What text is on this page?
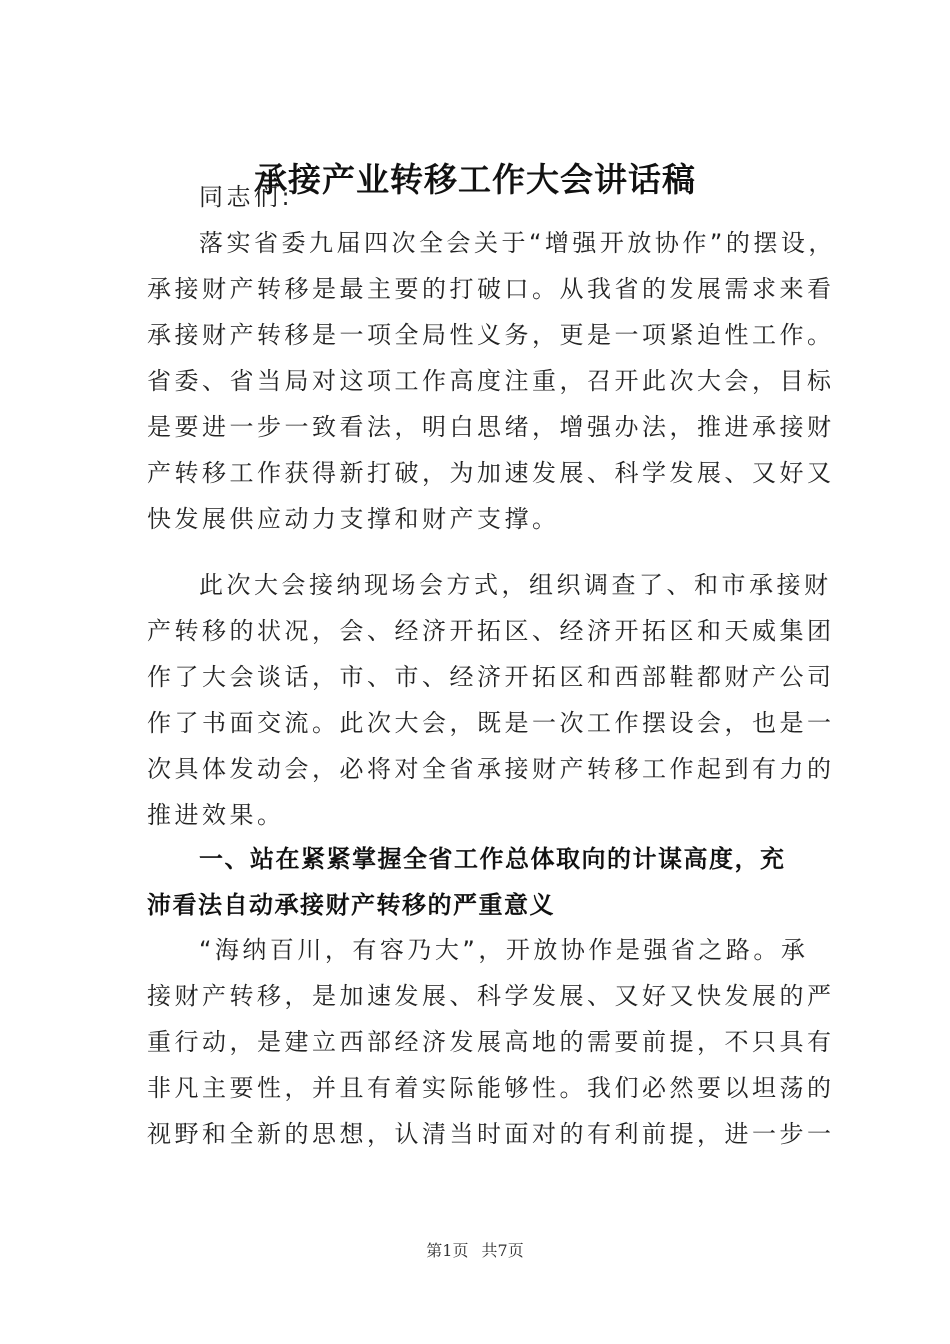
承接产业转移工作大会讲话稿

同志们:

落实省委九届四次全会关于“增强开放协作”的摆设，
承接财产转移是最主要的打破口。从我省的发展需求来看
承接财产转移是一项全局性义务，更是一项紧迫性工作。
省委、省当局对这项工作高度注重，召开此次大会，目标
是要进一步一致看法，明白思绪，增强办法，推进承接财
产转移工作获得新打破，为加速发展、科学发展、又好又
快发展供应动力支撑和财产支撑。

此次大会接纳现场会方式，组织调查了、和市承接财
产转移的状况，会、经济开拓区、经济开拓区和天威集团
作了大会谈话，市、市、经济开拓区和西部鞋都财产公司
作了书面交流。此次大会，既是一次工作摆设会，也是一
次具体发动会，必将对全省承接财产转移工作起到有力的
推进效果。

一、站在紧紧掌握全省工作总体取向的计谋高度，充
沛看法自动承接财产转移的严重意义

“海纳百川，有容乃大”，开放协作是强省之路。承
接财产转移，是加速发展、科学发展、又好又快发展的严
重行动，是建立西部经济发展高地的需要前提，不只具有
非凡主要性，并且有着实际能够性。我们必然要以坦荡的
视野和全新的思想，认清当时面对的有利前提，进一步一

第1页 共7页
